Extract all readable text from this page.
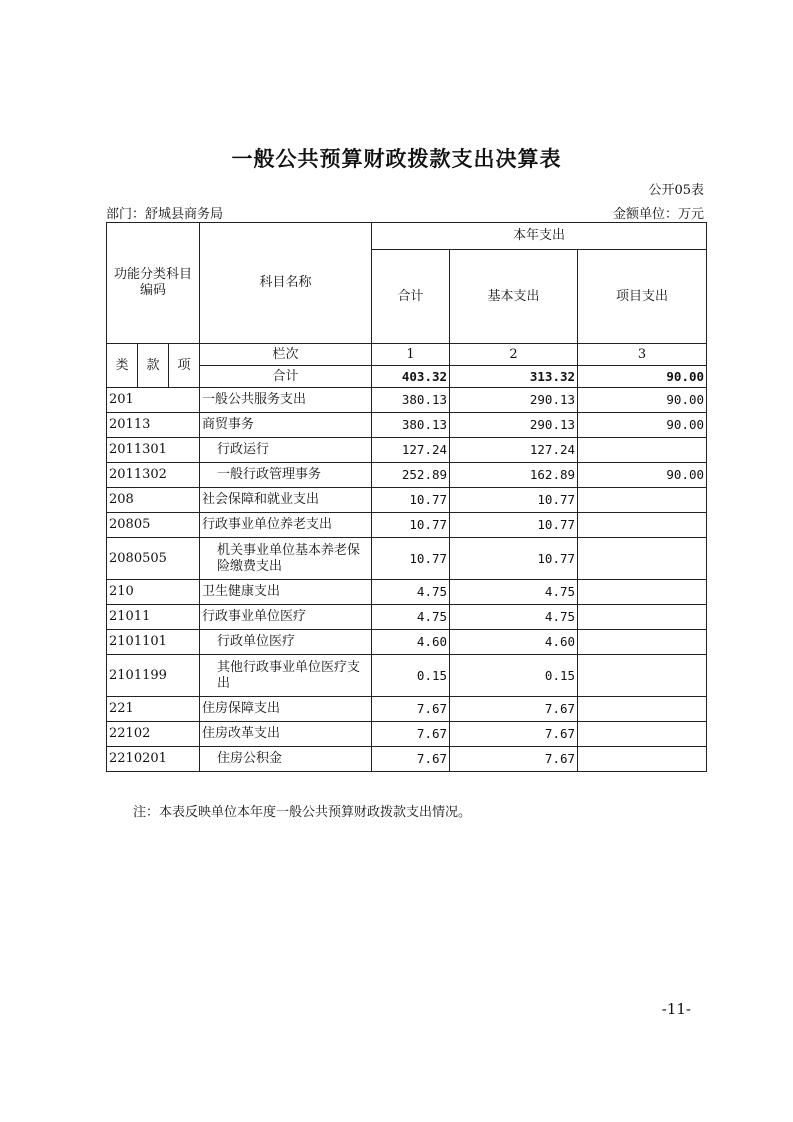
一般公共预算财政拨款支出决算表
公开05表
部门：舒城县商务局	金额单位：万元
功能分类科目编码			科目名称	本年支出		
				合计	基本支出	项目支出
类	款	项	栏次	1	2	3
			合计	403.32	313.32	90.00
201			一般公共服务支出	380.13	290.13	90.00
20113			商贸事务	380.13	290.13	90.00
2011301			行政运行	127.24	127.24	
2011302			一般行政管理事务	252.89	162.89	90.00
208			社会保障和就业支出	10.77	10.77	
20805			行政事业单位养老支出	10.77	10.77	
2080505			机关事业单位基本养老保险缴费支出	10.77	10.77	
210			卫生健康支出	4.75	4.75	
21011			行政事业单位医疗	4.75	4.75	
2101101			行政单位医疗	4.60	4.60	
2101199			其他行政事业单位医疗支出	0.15	0.15	
221			住房保障支出	7.67	7.67	
22102			住房改革支出	7.67	7.67	
2210201			住房公积金	7.67	7.67	
注：本表反映单位本年度一般公共预算财政拨款支出情况。
-11-
